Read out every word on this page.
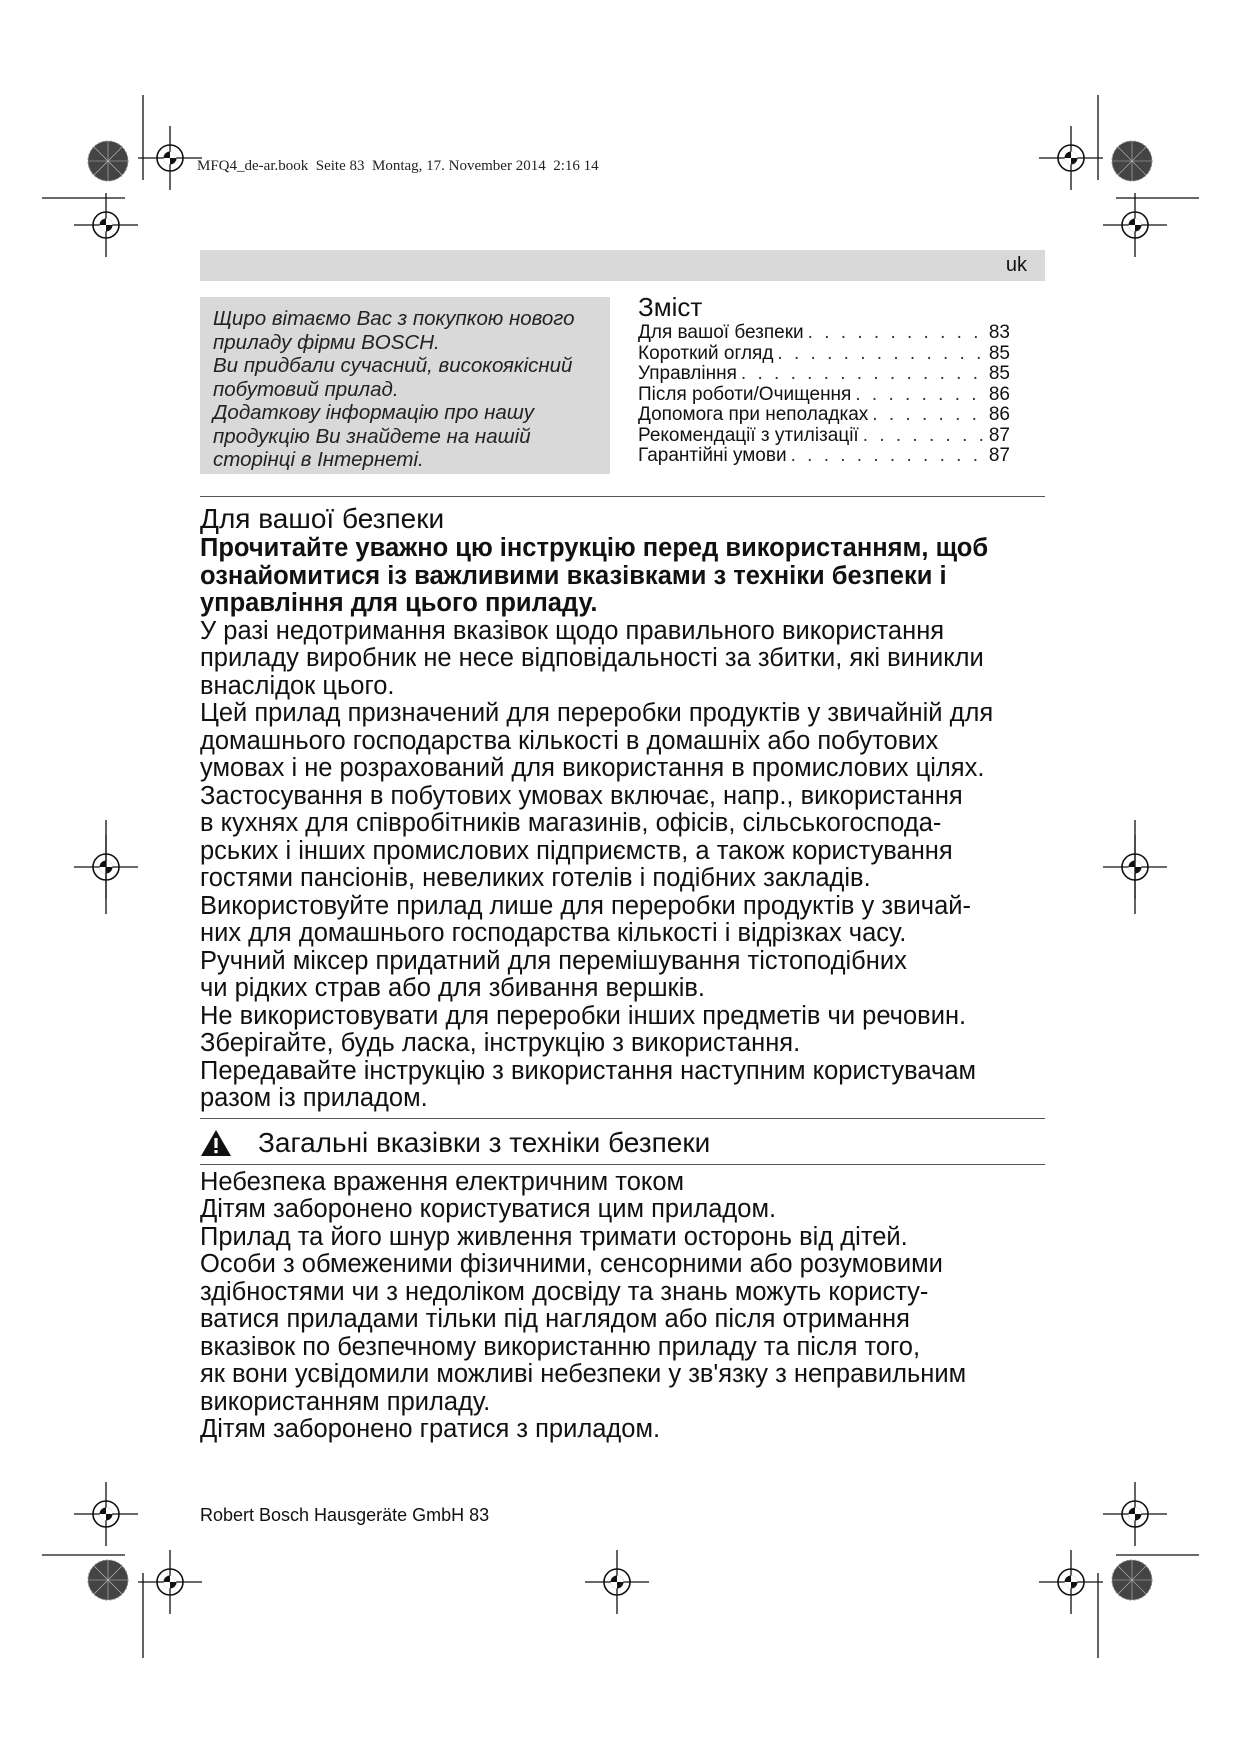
MFQ4_de-ar.book  Seite 83  Montag, 17. November 2014  2:16 14
uk

Щиро вітаємо Вас з покупкою нового

приладу фірми BOSCH.

Ви придбали сучасний, високоякісний

побутовий прилад.

Додаткову інформацію про нашу

продукцію Ви знайдете на нашій

сторінці в Інтернеті.

Зміст
Для вашої безпеки . . .	83
Короткий огляд . . .	85
Управління . . .	85
Після роботи/Очищення . . .	86
Допомога при неполадках . . .	86
Рекомендації з утилізації . . .	87
Гарантійні умови . . .	87
Для вашої безпеки
Прочитайте уважно цю інструкцію перед використанням, щоб
ознайомитися із важливими вказівками з техніки безпеки і
управління для цього приладу.
У разі недотримання вказівок щодо правильного використання
приладу виробник не несе відповідальності за збитки, які виникли
внаслідок цього.
Цей прилад призначений для переробки продуктів у звичайній для
домашнього господарства кількості в домашніх або побутових
умовах і не розрахований для використання в промислових цілях.
Застосування в побутових умовах включає, напр., використання
в кухнях для співробітників магазинів, офісів, сільськогоспода-
рських і інших промислових підприємств, а також користування
гостями пансіонів, невеликих готелів і подібних закладів.
Використовуйте прилад лише для переробки продуктів у звичай-
них для домашнього господарства кількості і відрізках часу.
Ручний міксер придатний для перемішування тістоподібних
чи рідких страв або для збивання вершків.
Не використовувати для переробки інших предметів чи речовин.
Зберігайте, будь ласка, інструкцію з використання.
Передавайте інструкцію з використання наступним користувачам
разом із приладом.
Загальні вказівки з техніки безпеки
Небезпека враження електричним током
Дітям заборонено користуватися цим приладом.
Прилад та його шнур живлення тримати осторонь від дітей.
Особи з обмеженими фізичними, сенсорними або розумовими
здібностями чи з недоліком досвіду та знань можуть користу-
ватися приладами тільки під наглядом або після отримання
вказівок по безпечному використанню приладу та після того,
як вони усвідомили можливі небезпеки у зв'язку з неправильним
використанням приладу.
Дітям заборонено гратися з приладом.
Robert Bosch Hausgeräte GmbH 83
